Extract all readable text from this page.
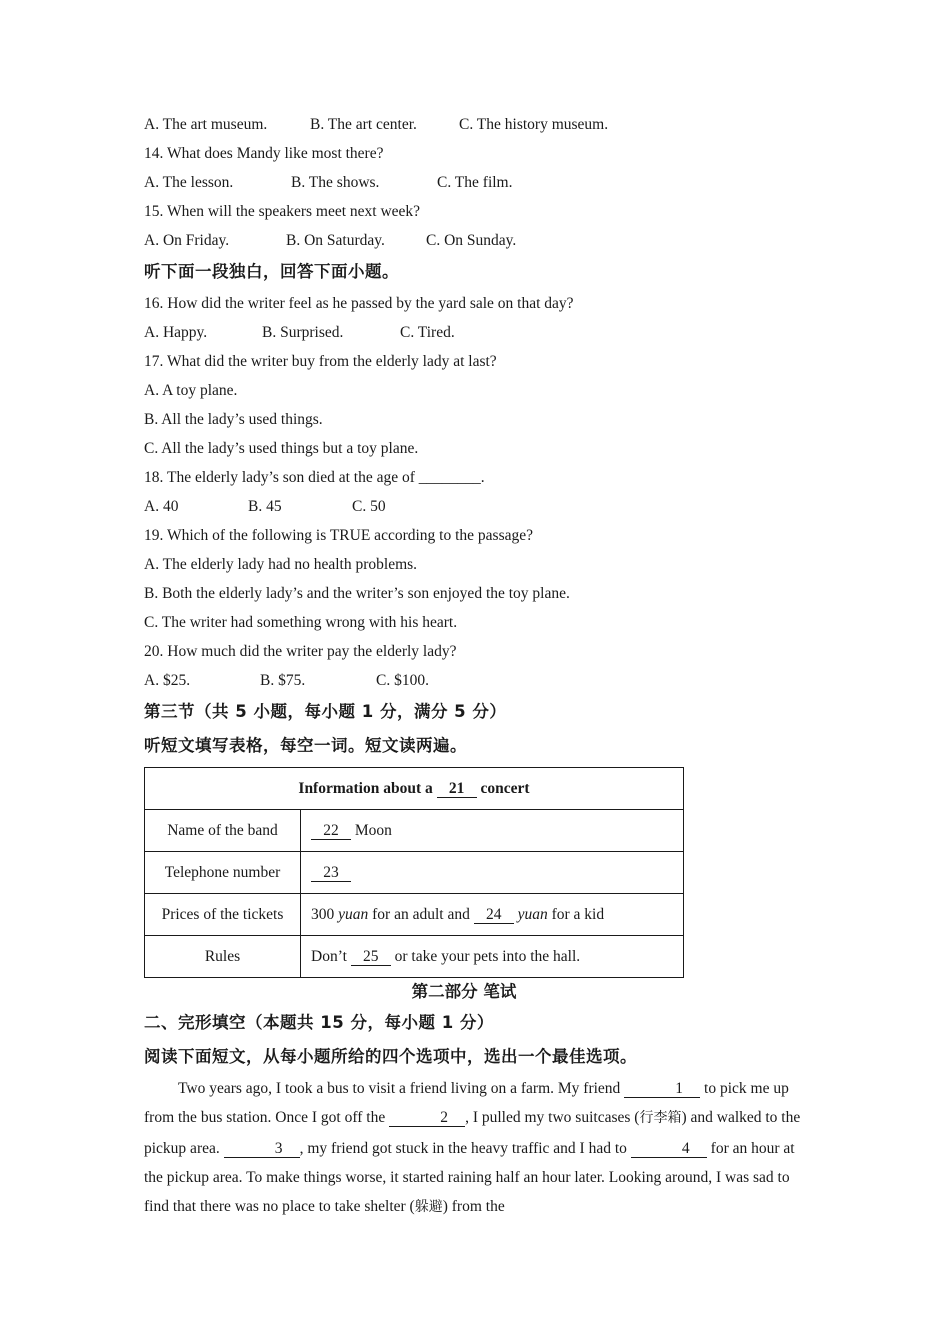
A. The art museum.	B. The art center.	C. The history museum.
14. What does Mandy like most there?
A. The lesson.	B. The shows.	C. The film.
15. When will the speakers meet next week?
A. On Friday.	B. On Saturday.	C. On Sunday.
听下面一段独白，回答下面小题。
16. How did the writer feel as he passed by the yard sale on that day?
A. Happy.	B. Surprised.	C. Tired.
17. What did the writer buy from the elderly lady at last?
A. A toy plane.
B. All the lady’s used things.
C. All the lady’s used things but a toy plane.
18. The elderly lady’s son died at the age of ________.
A. 40	B. 45	C. 50
19. Which of the following is TRUE according to the passage?
A. The elderly lady had no health problems.
B. Both the elderly lady’s and the writer’s son enjoyed the toy plane.
C. The writer had something wrong with his heart.
20. How much did the writer pay the elderly lady?
A. $25.	B. $75.	C. $100.
第三节（共 5 小题，每小题 1 分，满分 5 分）
听短文填写表格，每空一词。短文读两遍。
Information about a 21 concert	
Name of the band	22 Moon
Telephone number	23
Prices of the tickets	300 yuan for an adult and 24 yuan for a kid
Rules	Don’t 25 or take your pets into the hall.
第二部分 笔试
二、完形填空（本题共 15 分，每小题 1 分）
阅读下面短文，从每小题所给的四个选项中，选出一个最佳选项。

Two years ago, I took a bus to visit a friend living on a farm. My friend	1 to pick me up from the bus station. Once I got off the	2 , I pulled my two suitcases (行李箱) and walked to the pickup area.	3 , my friend got stuck in the heavy traffic and I had to	4 for an hour at the pickup area. To make things worse, it started raining half an hour later. Looking around, I was sad to find that there was no place to take shelter (躲避) from the
